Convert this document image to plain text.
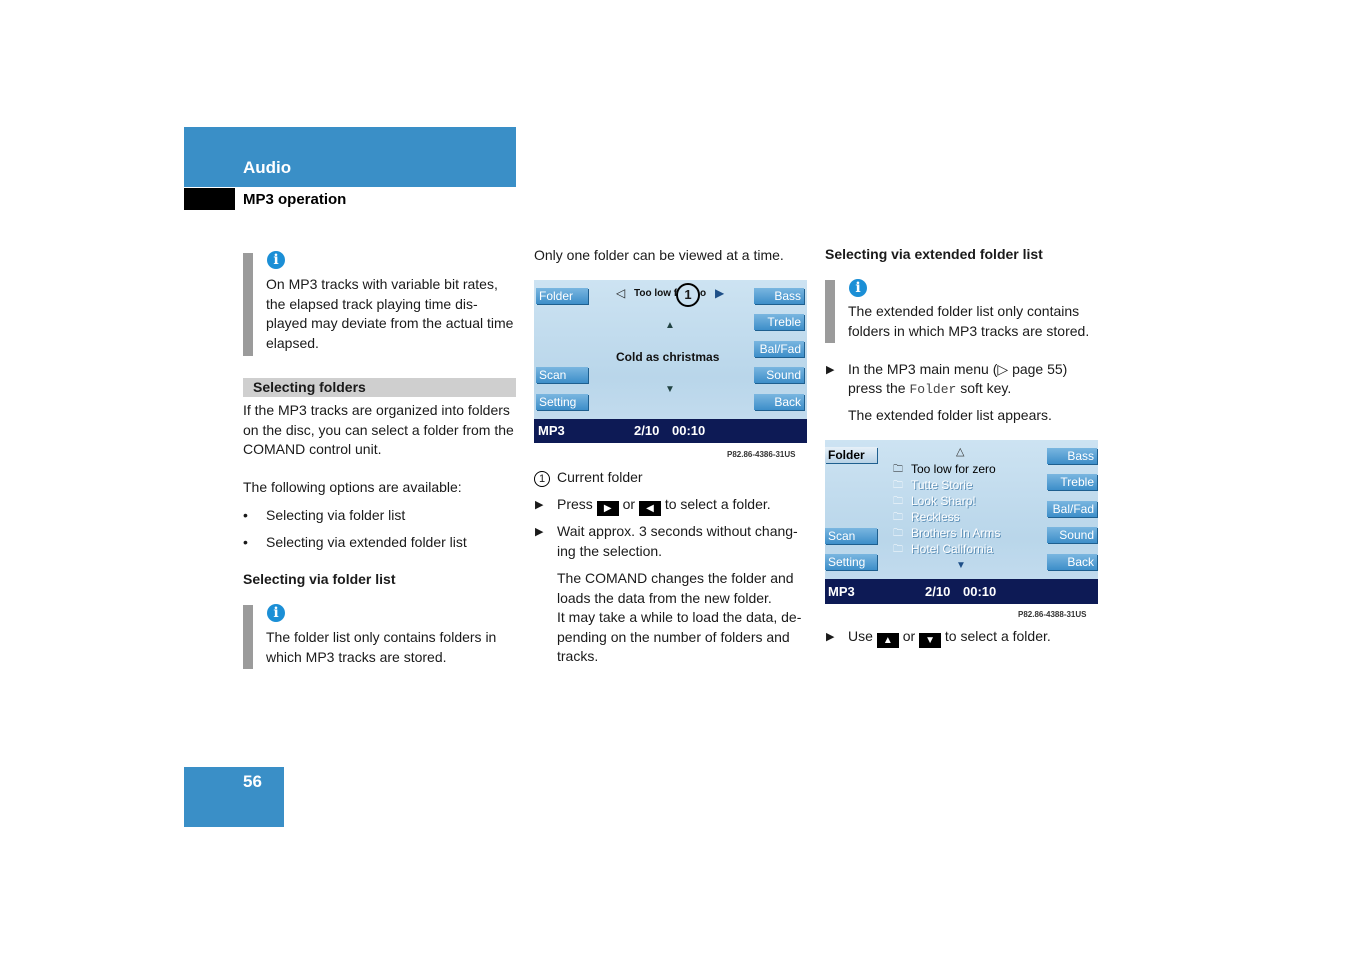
Audio
MP3 operation
i
On MP3 tracks with variable bit rates, the elapsed track playing time dis-played may deviate from the actual time elapsed.
Selecting folders
If the MP3 tracks are organized into folders on the disc, you can select a folder from the COMAND control unit.
The following options are available:
• Selecting via folder list
• Selecting via extended folder list
Selecting via folder list
i
The folder list only contains folders in which MP3 tracks are stored.
Only one folder can be viewed at a time.
Folder
Scan
Setting
Bass
Treble
Bal/Fad
Sound
Back
◁ Too low f 1 o ▶
▲
Cold as christmas
▼
MP3	2/10 00:10
P82.86-4386-31US
1 Current folder
▶ Press ▶ or ◀ to select a folder.
▶ Wait approx. 3 seconds without chang-ing the selection.
The COMAND changes the folder and loads the data from the new folder.
It may take a while to load the data, de-pending on the number of folders and tracks.
Selecting via extended folder list
i
The extended folder list only contains folders in which MP3 tracks are stored.
▶ In the MP3 main menu (▷ page 55)
press the Folder soft key.
The extended folder list appears.
Folder
Scan
Setting
Bass
Treble
Bal/Fad
Sound
Back
△
🗀 Too low for zero
🗀 Tutte Storie
🗀 Look Sharp!
🗀 Reckless
🗀 Brothers In Arms
🗀 Hotel California
▼
MP3	2/10 00:10
P82.86-4388-31US
▶ Use ▲ or ▼ to select a folder.
56
